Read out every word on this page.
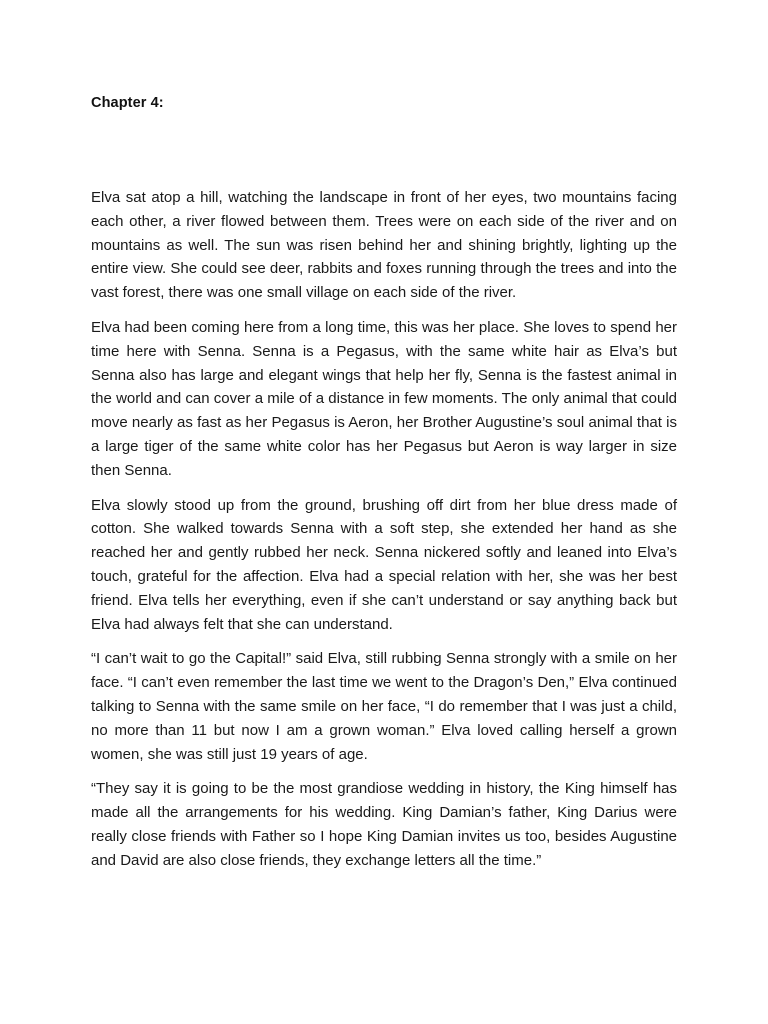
Chapter 4:

Elva sat atop a hill, watching the landscape in front of her eyes, two mountains facing each other, a river flowed between them. Trees were on each side of the river and on mountains as well. The sun was risen behind her and shining brightly, lighting up the entire view. She could see deer, rabbits and foxes running through the trees and into the vast forest, there was one small village on each side of the river.

Elva had been coming here from a long time, this was her place. She loves to spend her time here with Senna. Senna is a Pegasus, with the same white hair as Elva’s but Senna also has large and elegant wings that help her fly, Senna is the fastest animal in the world and can cover a mile of a distance in few moments. The only animal that could move nearly as fast as her Pegasus is Aeron, her Brother Augustine’s soul animal that is a large tiger of the same white color has her Pegasus but Aeron is way larger in size then Senna.

Elva slowly stood up from the ground, brushing off dirt from her blue dress made of cotton. She walked towards Senna with a soft step, she extended her hand as she reached her and gently rubbed her neck. Senna nickered softly and leaned into Elva’s touch, grateful for the affection. Elva had a special relation with her, she was her best friend. Elva tells her everything, even if she can’t understand or say anything back but Elva had always felt that she can understand.

“I can’t wait to go the Capital!” said Elva, still rubbing Senna strongly with a smile on her face. “I can’t even remember the last time we went to the Dragon’s Den,” Elva continued talking to Senna with the same smile on her face, “I do remember that I was just a child, no more than 11 but now I am a grown woman.” Elva loved calling herself a grown women, she was still just 19 years of age.

“They say it is going to be the most grandiose wedding in history, the King himself has made all the arrangements for his wedding. King Damian’s father, King Darius were really close friends with Father so I hope King Damian invites us too, besides Augustine and David are also close friends, they exchange letters all the time.”
